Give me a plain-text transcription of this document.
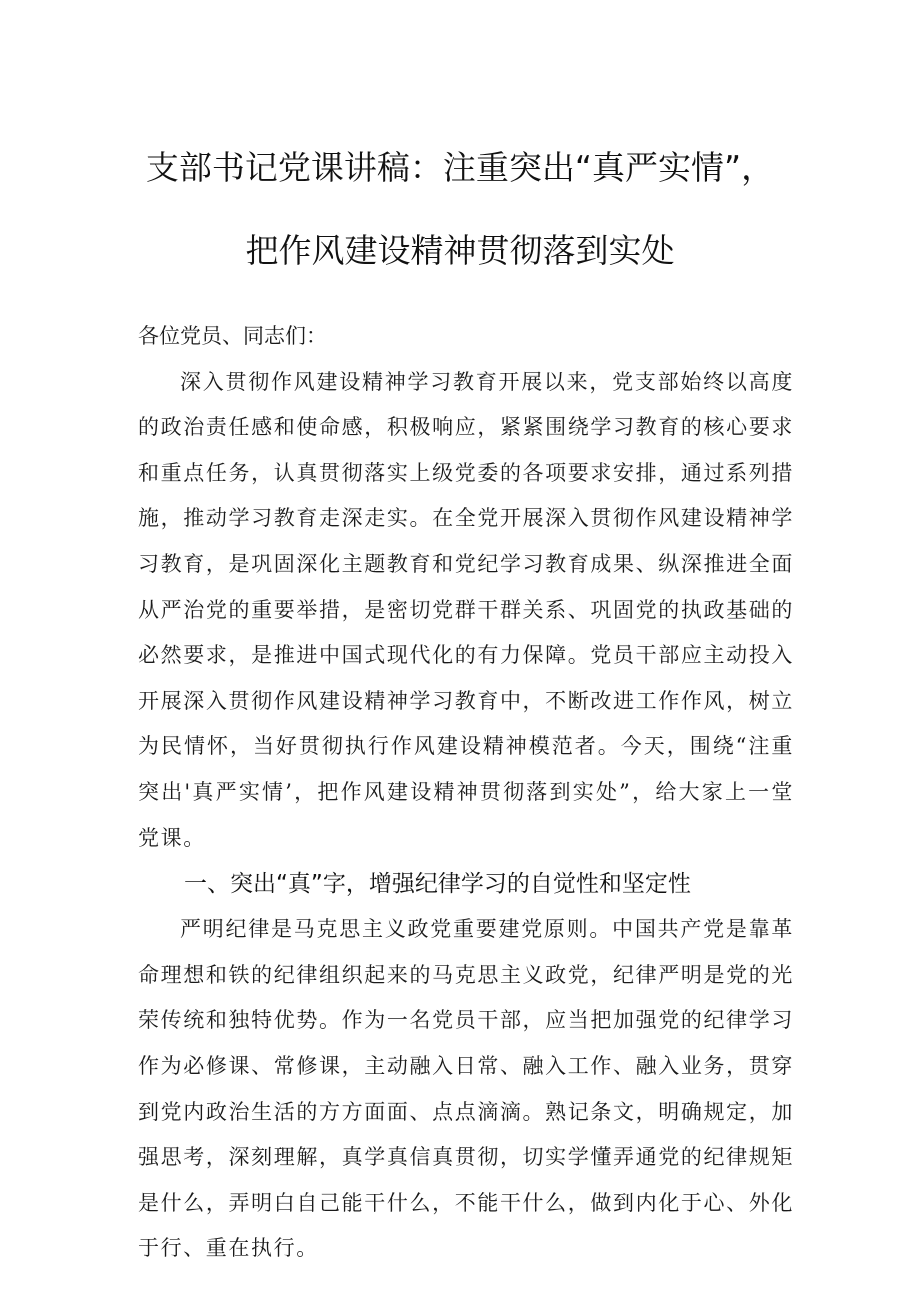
支部书记党课讲稿：注重突出“真严实情”，
把作风建设精神贯彻落到实处

各位党员、同志们：

深入贯彻作风建设精神学习教育开展以来，党支部始终以高度的政治责任感和使命感，积极响应，紧紧围绕学习教育的核心要求和重点任务，认真贯彻落实上级党委的各项要求安排，通过系列措施，推动学习教育走深走实。在全党开展深入贯彻作风建设精神学习教育，是巩固深化主题教育和党纪学习教育成果、纵深推进全面从严治党的重要举措，是密切党群干群关系、巩固党的执政基础的必然要求，是推进中国式现代化的有力保障。党员干部应主动投入开展深入贯彻作风建设精神学习教育中，不断改进工作作风，树立为民情怀，当好贯彻执行作风建设精神模范者。今天，围绕“注重突出'真严实情’，把作风建设精神贯彻落到实处”，给大家上一堂党课。

一、突出“真”字，增强纪律学习的自觉性和坚定性

严明纪律是马克思主义政党重要建党原则。中国共产党是靠革命理想和铁的纪律组织起来的马克思主义政党，纪律严明是党的光荣传统和独特优势。作为一名党员干部，应当把加强党的纪律学习作为必修课、常修课，主动融入日常、融入工作、融入业务，贯穿到党内政治生活的方方面面、点点滴滴。熟记条文，明确规定，加强思考，深刻理解，真学真信真贯彻，切实学懂弄通党的纪律规矩是什么，弄明白自己能干什么，不能干什么，做到内化于心、外化于行、重在执行。
